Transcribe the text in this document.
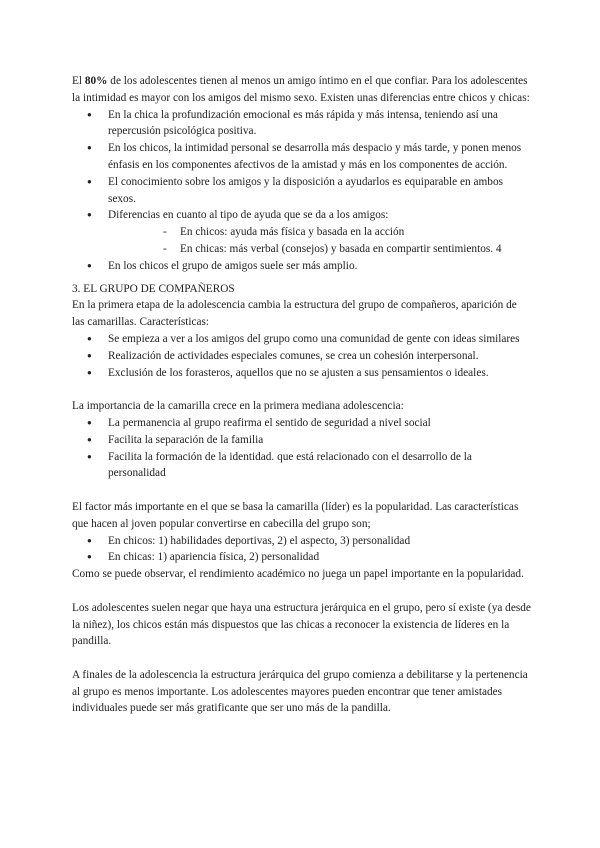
El 80% de los adolescentes tienen al menos un amigo íntimo en el que confiar. Para los adolescentes la intimidad es mayor con los amigos del mismo sexo. Existen unas diferencias entre chicos y chicas:

● En la chica la profundización emocional es más rápida y más intensa, teniendo así una repercusión psicológica positiva.
● En los chicos, la intimidad personal se desarrolla más despacio y más tarde, y ponen menos énfasis en los componentes afectivos de la amistad y más en los componentes de acción.
● El conocimiento sobre los amigos y la disposición a ayudarlos es equiparable en ambos sexos.
● Diferencias en cuanto al tipo de ayuda que se da a los amigos:
- En chicos: ayuda más física y basada en la acción
- En chicas: más verbal (consejos) y basada en compartir sentimientos. 4
● En los chicos el grupo de amigos suele ser más amplio.

3. EL GRUPO DE COMPAÑEROS

En la primera etapa de la adolescencia cambia la estructura del grupo de compañeros, aparición de las camarillas. Características:

● Se empieza a ver a los amigos del grupo como una comunidad de gente con ideas similares
● Realización de actividades especiales comunes, se crea un cohesión interpersonal.
● Exclusión de los forasteros, aquellos que no se ajusten a sus pensamientos o ideales.

La importancia de la camarilla crece en la primera mediana adolescencia:

● La permanencia al grupo reafirma el sentido de seguridad a nivel social
● Facilita la separación de la familia
● Facilita la formación de la identidad. que está relacionado con el desarrollo de la personalidad

El factor más importante en el que se basa la camarilla (líder) es la popularidad. Las características que hacen al joven popular convertirse en cabecilla del grupo son;

● En chicos: 1) habilidades deportivas, 2) el aspecto, 3) personalidad
● En chicas: 1) apariencia física, 2) personalidad

Como se puede observar, el rendimiento académico no juega un papel importante en la popularidad.

Los adolescentes suelen negar que haya una estructura jerárquica en el grupo, pero sí existe (ya desde la niñez), los chicos están más dispuestos que las chicas a reconocer la existencia de líderes en la pandilla.

A finales de la adolescencia la estructura jerárquica del grupo comienza a debilitarse y la pertenencia al grupo es menos importante. Los adolescentes mayores pueden encontrar que tener amistades individuales puede ser más gratificante que ser uno más de la pandilla.
